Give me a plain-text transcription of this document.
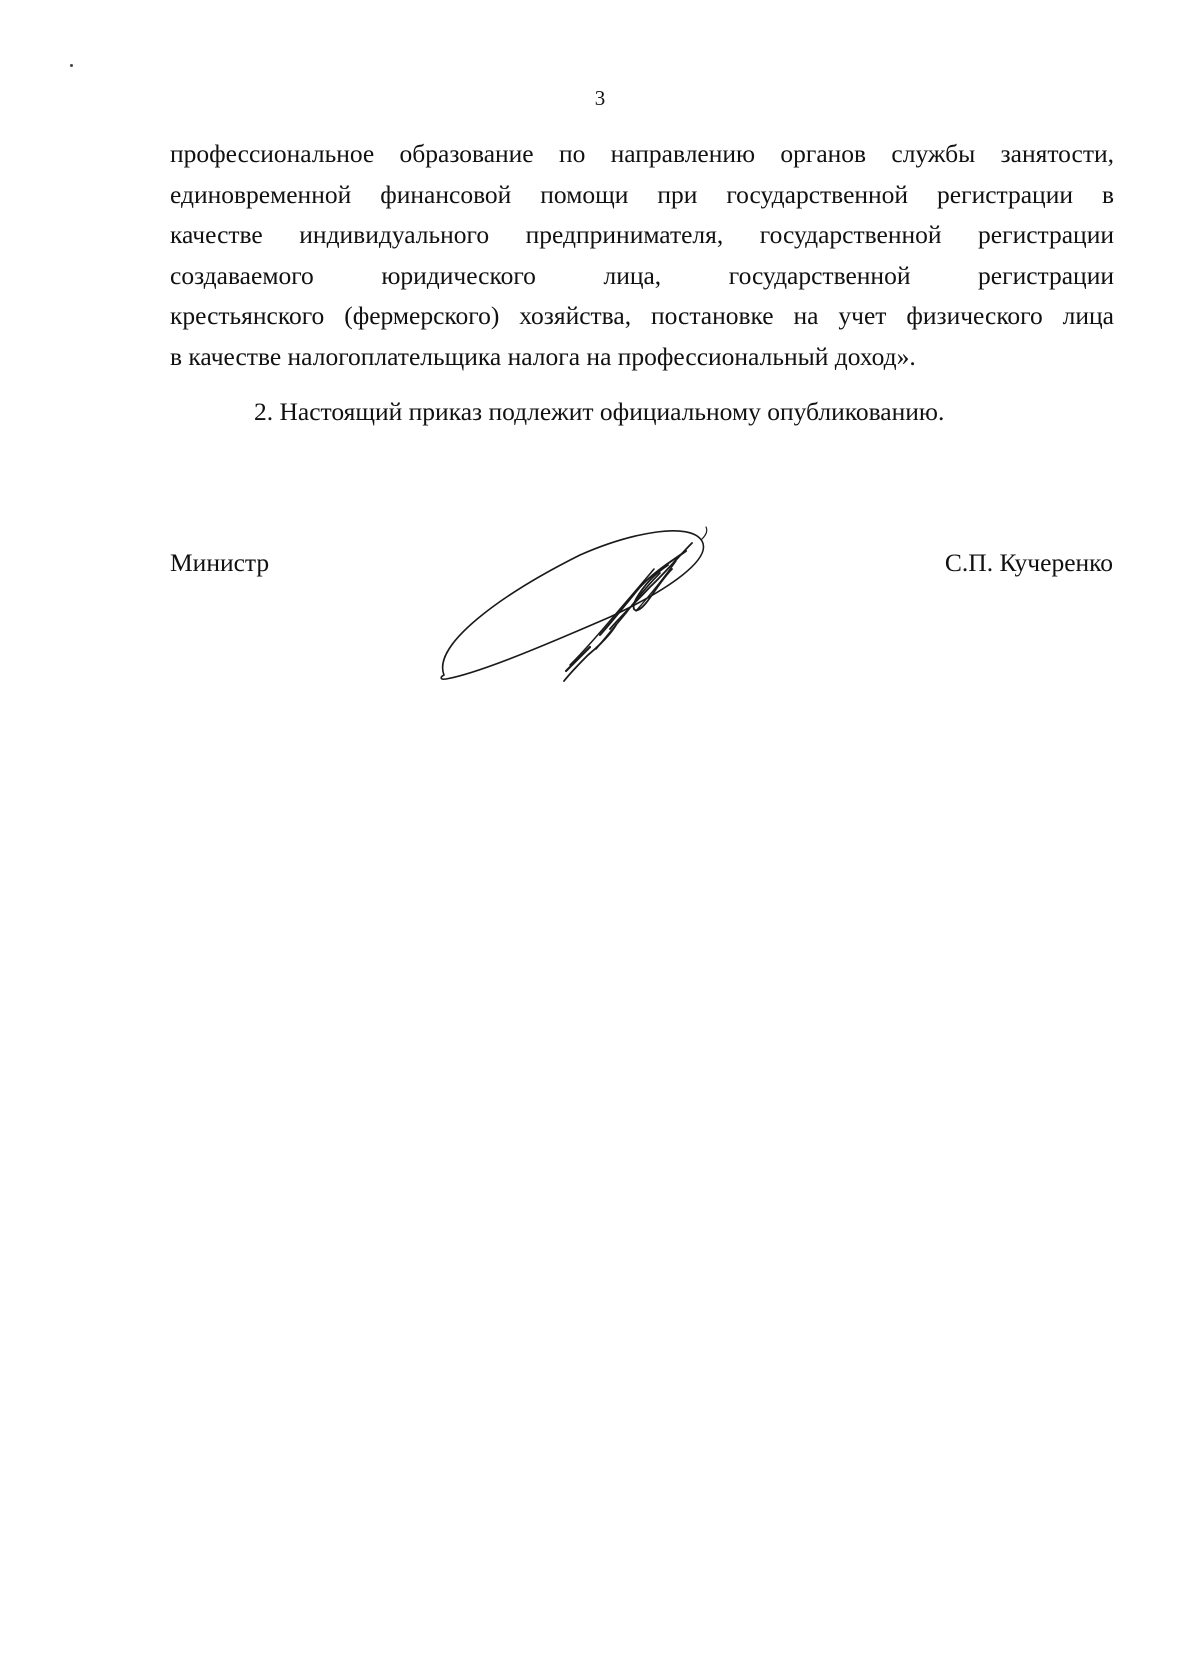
3
профессиональное образование по направлению органов службы занятости,
единовременной финансовой помощи при государственной регистрации в
качестве индивидуального предпринимателя, государственной регистрации
создаваемого юридического лица, государственной регистрации
крестьянского (фермерского) хозяйства, постановке на учет физического лица
в качестве налогоплательщика налога на профессиональный доход».
2. Настоящий приказ подлежит официальному опубликованию.
Министр	С.П. Кучеренко
